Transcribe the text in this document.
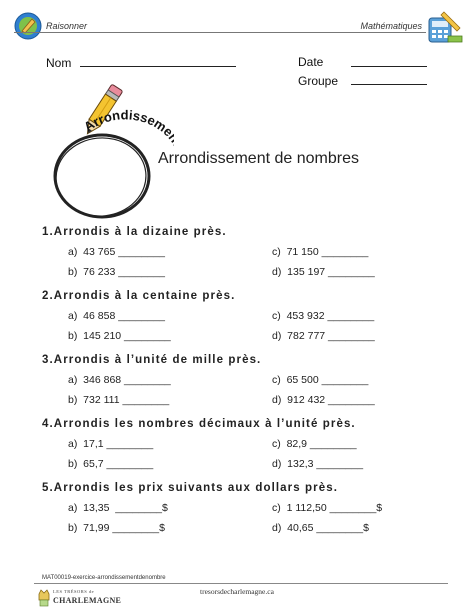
Raisonner	Mathématiques
Nom	Date
Groupe
Arrondissem
Arrondissement de nombres
1.Arrondis à la dizaine près.
a)  43 765 ________	c)  71 150 ________
b)  76 233 ________	d)  135 197 ________
2.Arrondis à la centaine près.
a)  46 858 ________	c)  453 932 ________
b)  145 210 ________	d)  782 777 ________
3.Arrondis à l’unité de mille près.
a)  346 868 ________	c)  65 500 ________
b)  732 111 ________	d)  912 432 ________
4.Arrondis les nombres décimaux à l’unité près.
a)  17,1 ________	c)  82,9 ________
b)  65,7 ________	d)  132,3 ________
5.Arrondis les prix suivants aux dollars près.
a)  13,35  ________$	c)  1 112,50 ________$
b)  71,99 ________$	d)  40,65 ________$
MAT00019-exercice-arrondissementdenombre
LES TRÉSORS de
CHARLEMAGNE
tresorsdecharlemagne.ca
